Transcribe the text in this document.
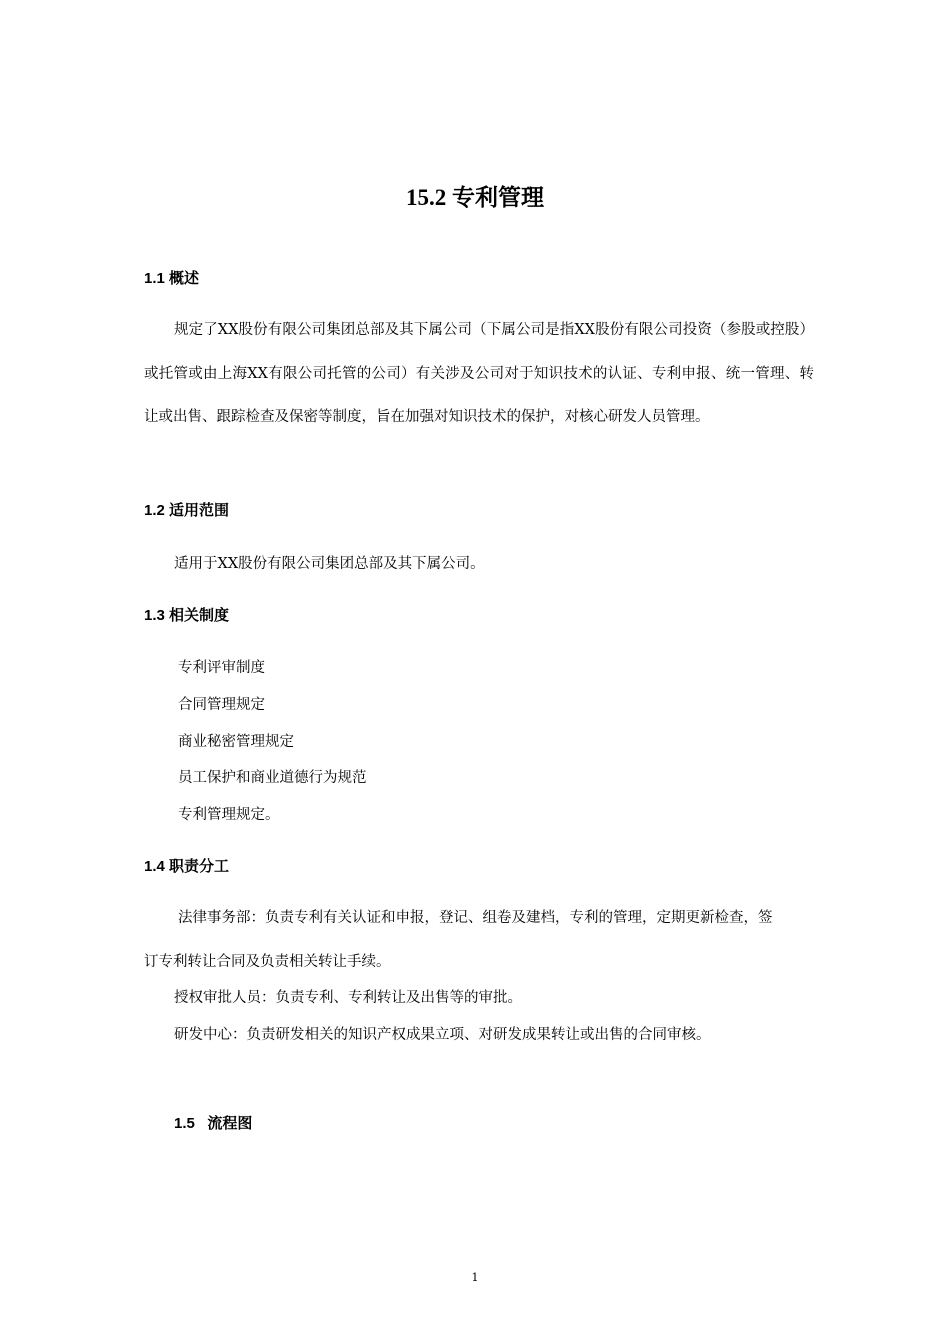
15.2 专利管理
1.1 概述
规定了XX股份有限公司集团总部及其下属公司（下属公司是指XX股份有限公司投资（参股或控股）或托管或由上海XX有限公司托管的公司）有关涉及公司对于知识技术的认证、专利申报、统一管理、转让或出售、跟踪检查及保密等制度，旨在加强对知识技术的保护，对核心研发人员管理。
1.2 适用范围
适用于XX股份有限公司集团总部及其下属公司。
1.3 相关制度
专利评审制度
合同管理规定
商业秘密管理规定
员工保护和商业道德行为规范
专利管理规定。
1.4 职责分工
法律事务部：负责专利有关认证和申报，登记、组卷及建档，专利的管理，定期更新检查，签
订专利转让合同及负责相关转让手续。
授权审批人员：负责专利、专利转让及出售等的审批。
研发中心：负责研发相关的知识产权成果立项、对研发成果转让或出售的合同审核。
1.5   流程图
1
